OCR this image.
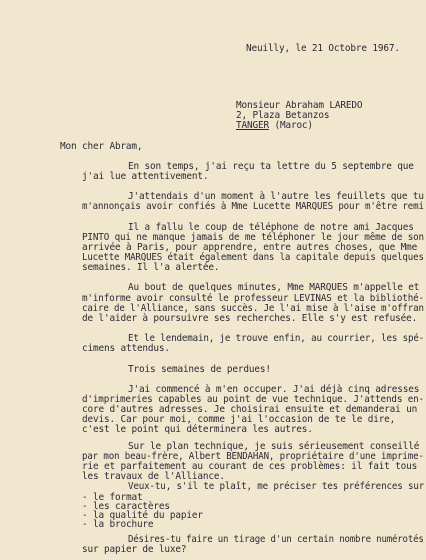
Neuilly, le 21 Octobre 1967.
Monsieur Abraham LAREDO
2, Plaza Betanzos
TANGER (Maroc)
Mon cher Abram,
En son temps, j'ai reçu ta lettre du 5 septembre que
j'ai lue attentivement.
J'attendais d'un moment à l'autre les feuillets que tu
m'annonçais avoir confiés à Mme Lucette MARQUES pour m'être remi
Il a fallu le coup de téléphone de notre ami Jacques
PINTO qui ne manque jamais de me téléphoner le jour même de son
arrivée à Paris, pour apprendre, entre autres choses, que Mme
Lucette MARQUES était également dans la capitale depuis quelques
semaines. Il l'a alertée.
Au bout de quelques minutes, Mme MARQUES m'appelle et
m'informe avoir consulté le professeur LEVINAS et la bibliothé-
caire de l'Alliance, sans succès. Je l'ai mise à l'aise m'offran
de l'aider à poursuivre ses recherches. Elle s'y est refusée.
Et le lendemain, je trouve enfin, au courrier, les spé-
cimens attendus.
Trois semaines de perdues!
J'ai commencé à m'en occuper. J'ai déjà cinq adresses
d'imprimeries capables au point de vue technique. J'attends en-
core d'autres adresses. Je choisirai ensuite et demanderai un
devis. Car pour moi, comme j'ai l'occasion de te le dire,
c'est le point qui déterminera les autres.
Sur le plan technique, je suis sérieusement conseillé
par mon beau-frère, Albert BENDAHAN, propriétaire d'une imprime-
rie et parfaitement au courant de ces problèmes: il fait tous
les travaux de l'Alliance.
Veux-tu, s'il te plaît, me préciser tes préférences sur
- le format
- les caractères
- la qualité du papier
- la brochure
Désires-tu faire un tirage d'un certain nombre numérotés
sur papier de luxe?
